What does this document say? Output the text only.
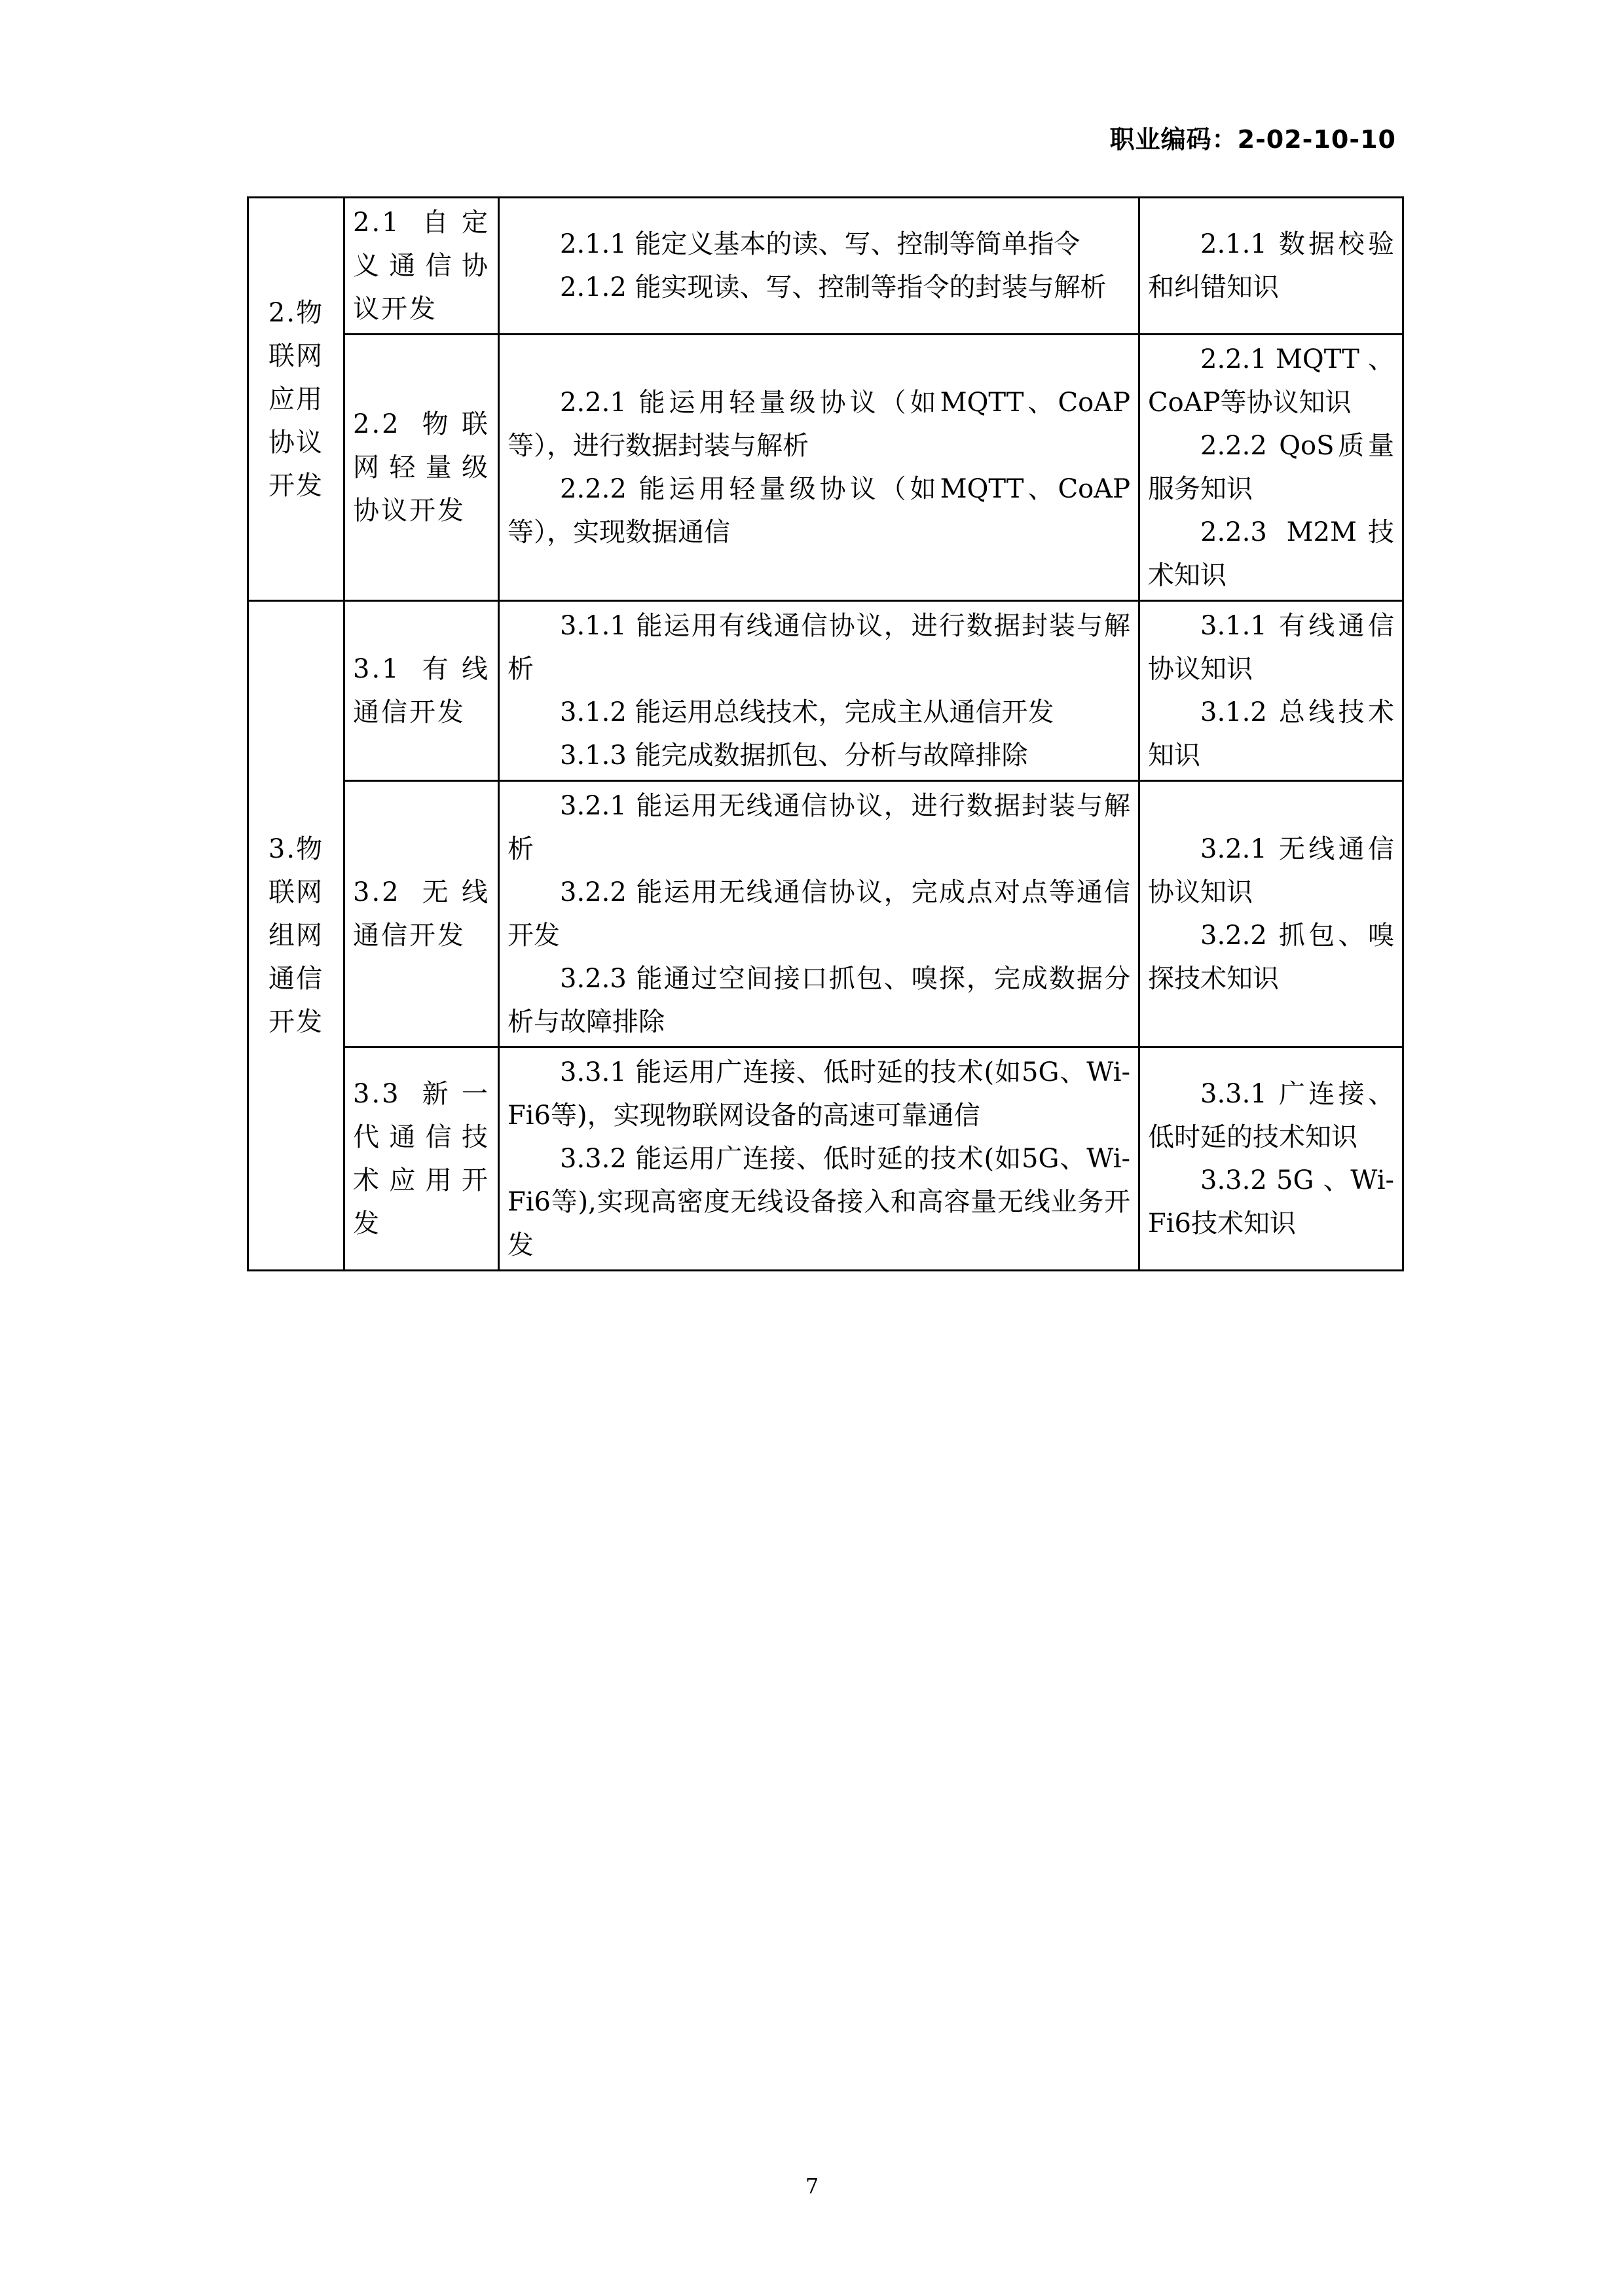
职业编码：2-02-10-10
2.物联网应用协议开发	2.1 自定义通信协议开发	2.1.1 能定义基本的读、写、控制等简单指令
2.1.2 能实现读、写、控制等指令的封装与解析	2.1.1 数据校验和纠错知识

	2.2 物联网轻量级协议开发	2.2.1 能运用轻量级协议（如MQTT、CoAP等），进行数据封装与解析
2.2.2 能运用轻量级协议（如MQTT、CoAP等），实现数据通信	2.2.1 MQTT 、CoAP等协议知识
2.2.2 QoS质量服务知识
2.2.3 M2M技术知识

3.物联网组网通信开发	3.1 有线通信开发	3.1.1 能运用有线通信协议，进行数据封装与解析
3.1.2 能运用总线技术，完成主从通信开发
3.1.3 能完成数据抓包、分析与故障排除	3.1.1 有线通信协议知识
3.1.2 总线技术知识

	3.2 无线通信开发	3.2.1 能运用无线通信协议，进行数据封装与解析
3.2.2 能运用无线通信协议，完成点对点等通信开发
3.2.3 能通过空间接口抓包、嗅探，完成数据分析与故障排除	3.2.1 无线通信协议知识
3.2.2 抓包、嗅探技术知识

	3.3 新一代通信技术应用开发	3.3.1 能运用广连接、低时延的技术(如5G、Wi-Fi6等)，实现物联网设备的高速可靠通信
3.3.2 能运用广连接、低时延的技术(如5G、Wi-Fi6等),实现高密度无线设备接入和高容量无线业务开发	3.3.1 广连接、低时延的技术知识
3.3.2 5G 、Wi-Fi6技术知识
7
